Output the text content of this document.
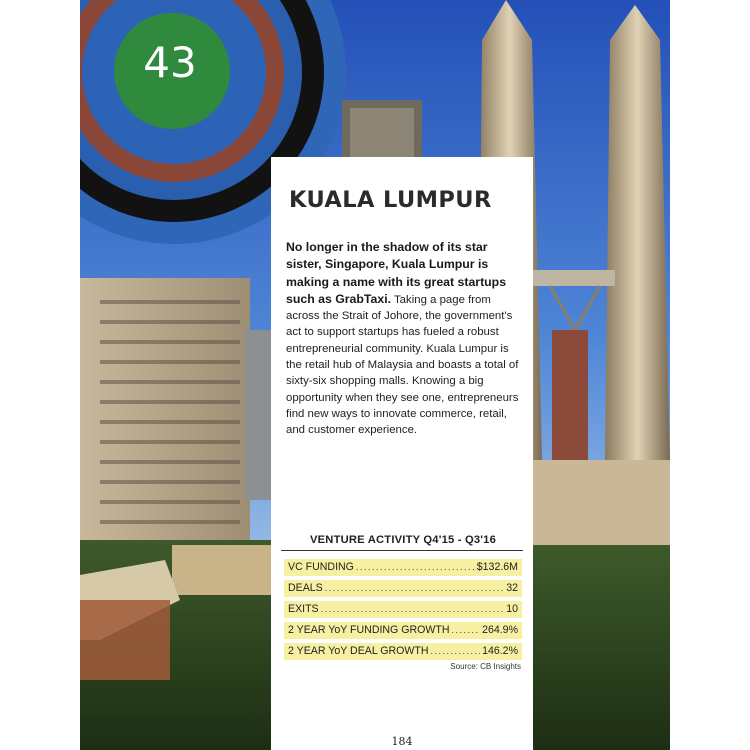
43
KUALA LUMPUR
No longer in the shadow of its star sister, Singapore, Kuala Lumpur is making a name with its great startups such as GrabTaxi. Taking a page from across the Strait of Johore, the government's act to support startups has fueled a robust entrepreneurial community. Kuala Lumpur is the retail hub of Malaysia and boasts a total of sixty-six shopping malls. Knowing a big opportunity when they see one, entrepreneurs find new ways to innovate commerce, retail, and customer experience.
VENTURE ACTIVITY Q4'15 - Q3'16
VC FUNDING . . .	$132.6M
DEALS . . .	32
EXITS . . .	10
2 YEAR YoY FUNDING GROWTH . . .	264.9%
2 YEAR YoY DEAL GROWTH . . .	146.2%
Source: CB Insights
184
